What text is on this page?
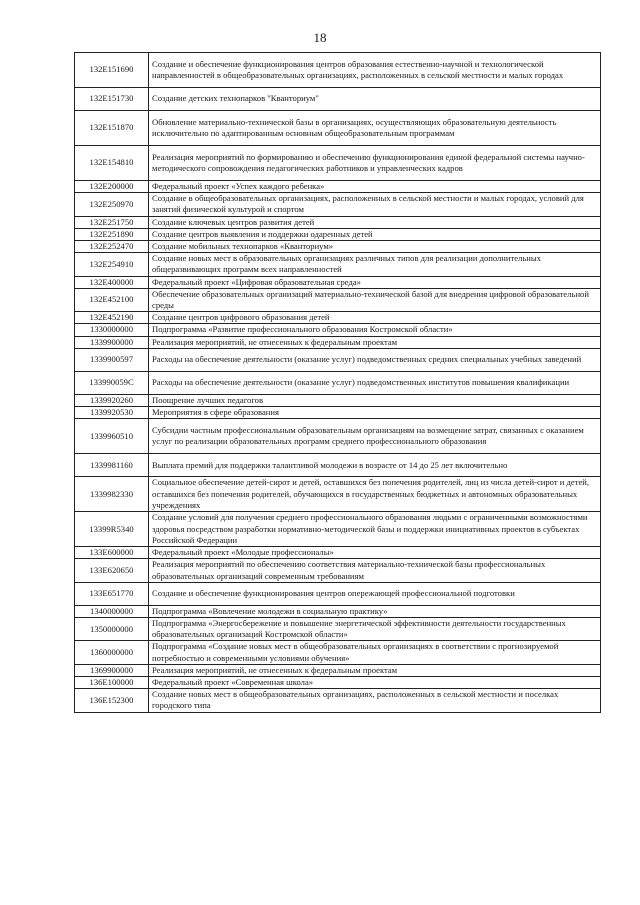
18
132E151690	Создание и обеспечение функционирования центров образования естественно-научной и технологической направленностей в общеобразовательных организациях, расположенных в сельской местности и малых городах
132E151730	Создание детских технопарков "Кванториум"
132E151870	Обновление материально-технической базы в организациях, осуществляющих образовательную деятельность исключительно по адаптированным основным общеобразовательным программам
132E154810	Реализация мероприятий по формированию и обеспечению функционирования единой федеральной системы научно-методического сопровождения педагогических работников и управленческих кадров
132E200000	Федеральный проект «Успех каждого ребенка»
132E250970	Создание в общеобразовательных организациях, расположенных в сельской местности и малых городах, условий для занятий физической культурой и спортом
132E251750	Создание ключевых центров развития детей
132E251890	Создание центров выявления и поддержки одаренных детей
132E252470	Создание мобильных технопарков «Кванториум»
132E254910	Создание новых мест в образовательных организациях различных типов для реализации дополнительных общеразвивающих программ всех направленностей
132E400000	Федеральный проект «Цифровая образовательная среда»
132E452100	Обеспечение образовательных организаций материально-технической базой для внедрения цифровой образовательной среды
132E452190	Создание центров цифрового образования детей
1330000000	Подпрограмма «Развитие профессионального образования Костромской области»
1339900000	Реализация мероприятий, не отнесенных к федеральным проектам
1339900597	Расходы на обеспечение деятельности (оказание услуг) подведомственных средних специальных учебных заведений
133990059С	Расходы на обеспечение деятельности (оказание услуг) подведомственных институтов повышения квалификации
1339920260	Поощрение лучших педагогов
1339920530	Мероприятия в сфере образования
1339960510	Субсидии частным профессиональным образовательным организациям на возмещение затрат, связанных с оказанием услуг по реализации образовательных программ среднего профессионального образования
1339981160	Выплата премий для поддержки талантливой молодежи в возрасте от 14 до 25 лет включительно
1339982330	Социальное обеспечение детей-сирот и детей, оставшихся без попечения родителей, лиц из числа детей-сирот и детей, оставшихся без попечения родителей, обучающихся в государственных бюджетных и автономных образовательных учреждениях
13399R5340	Создание условий для получения среднего профессионального образования людьми с ограниченными возможностями здоровья посредством разработки нормативно-методической базы и поддержки инициативных проектов в субъектах Российской Федерации
133E600000	Федеральный проект «Молодые профессионалы»
133E620650	Реализация мероприятий по обеспечению соответствия материально-технической базы профессиональных образовательных организаций современным требованиям
133E651770	Создание и обеспечение функционирования центров опережающей профессиональной подготовки
1340000000	Подпрограмма «Вовлечение молодежи в социальную практику»
1350000000	Подпрограмма «Энергосбережение и повышение энергетической эффективности деятельности государственных образовательных организаций Костромской области»
1360000000	Подпрограмма «Создание новых мест в общеобразовательных организациях в соответствии с прогнозируемой потребностью и современными условиями обучения»
1369900000	Реализация мероприятий, не отнесенных к федеральным проектам
136E100000	Федеральный проект «Современная школа»
136E152300	Создание новых мест в общеобразовательных организациях, расположенных в сельской местности и поселках городского типа
